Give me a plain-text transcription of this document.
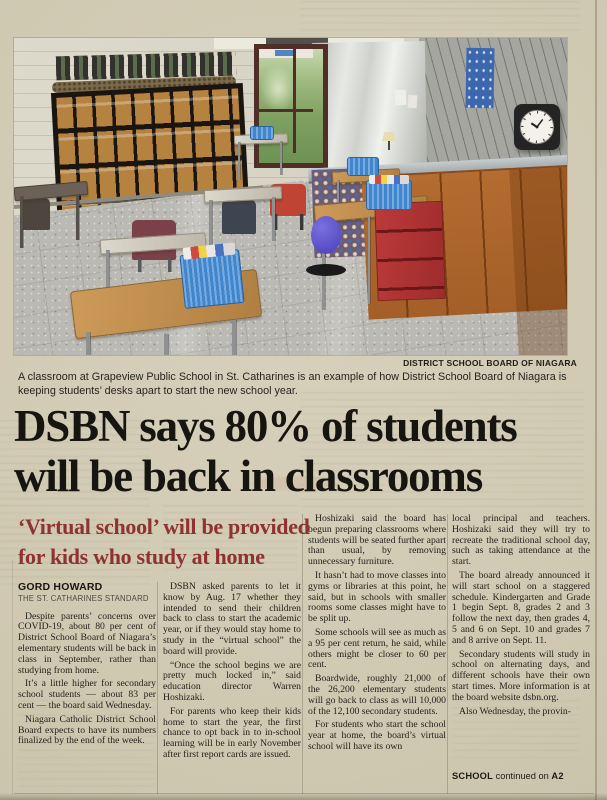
DISTRICT SCHOOL BOARD OF NIAGARA
A classroom at Grapeview Public School in St. Catharines is an example of how District School Board of Niagara is keeping students’ desks apart to start the new school year.
DSBN says 80% of students
will be back in classrooms
‘Virtual school’ will be provided
for kids who study at home
GORD HOWARD
THE ST. CATHARINES STANDARD

Despite parents’ concerns over COVID-19, about 80 per cent of District School Board of Niagara’s elementary students will be back in class in September, rather than studying from home.

It’s a little higher for secondary school students — about 83 per cent — the board said Wednesday.

Niagara Catholic District School Board expects to have its numbers finalized by the end of the week.

DSBN asked parents to let it know by Aug. 17 whether they intended to send their children back to class to start the academic year, or if they would stay home to study in the “virtual school” the board will provide.

“Once the school begins we are pretty much locked in,” said education director Warren Hoshizaki.

For parents who keep their kids home to start the year, the first chance to opt back in to in-school learning will be in early November after first report cards are issued.

Hoshizaki said the board has begun preparing classrooms where students will be seated further apart than usual, by removing unnecessary furniture.

It hasn’t had to move classes into gyms or libraries at this point, he said, but in schools with smaller rooms some classes might have to be split up.

Some schools will see as much as a 95 per cent return, he said, while others might be closer to 60 per cent.

Boardwide, roughly 21,000 of the 26,200 elementary students will go back to class as will 10,000 of the 12,100 secondary students.

For students who start the school year at home, the board’s virtual school will have its own

local principal and teachers. Hoshizaki said they will try to recreate the traditional school day, such as taking attendance at the start.

The board already announced it will start school on a staggered schedule. Kindergarten and Grade 1 begin Sept. 8, grades 2 and 3 follow the next day, then grades 4, 5 and 6 on Sept. 10 and grades 7 and 8 arrive on Sept. 11.

Secondary students will study in school on alternating days, and different schools have their own start times. More information is at the board website dsbn.org.

Also Wednesday, the provin-

SCHOOL continued on A2
